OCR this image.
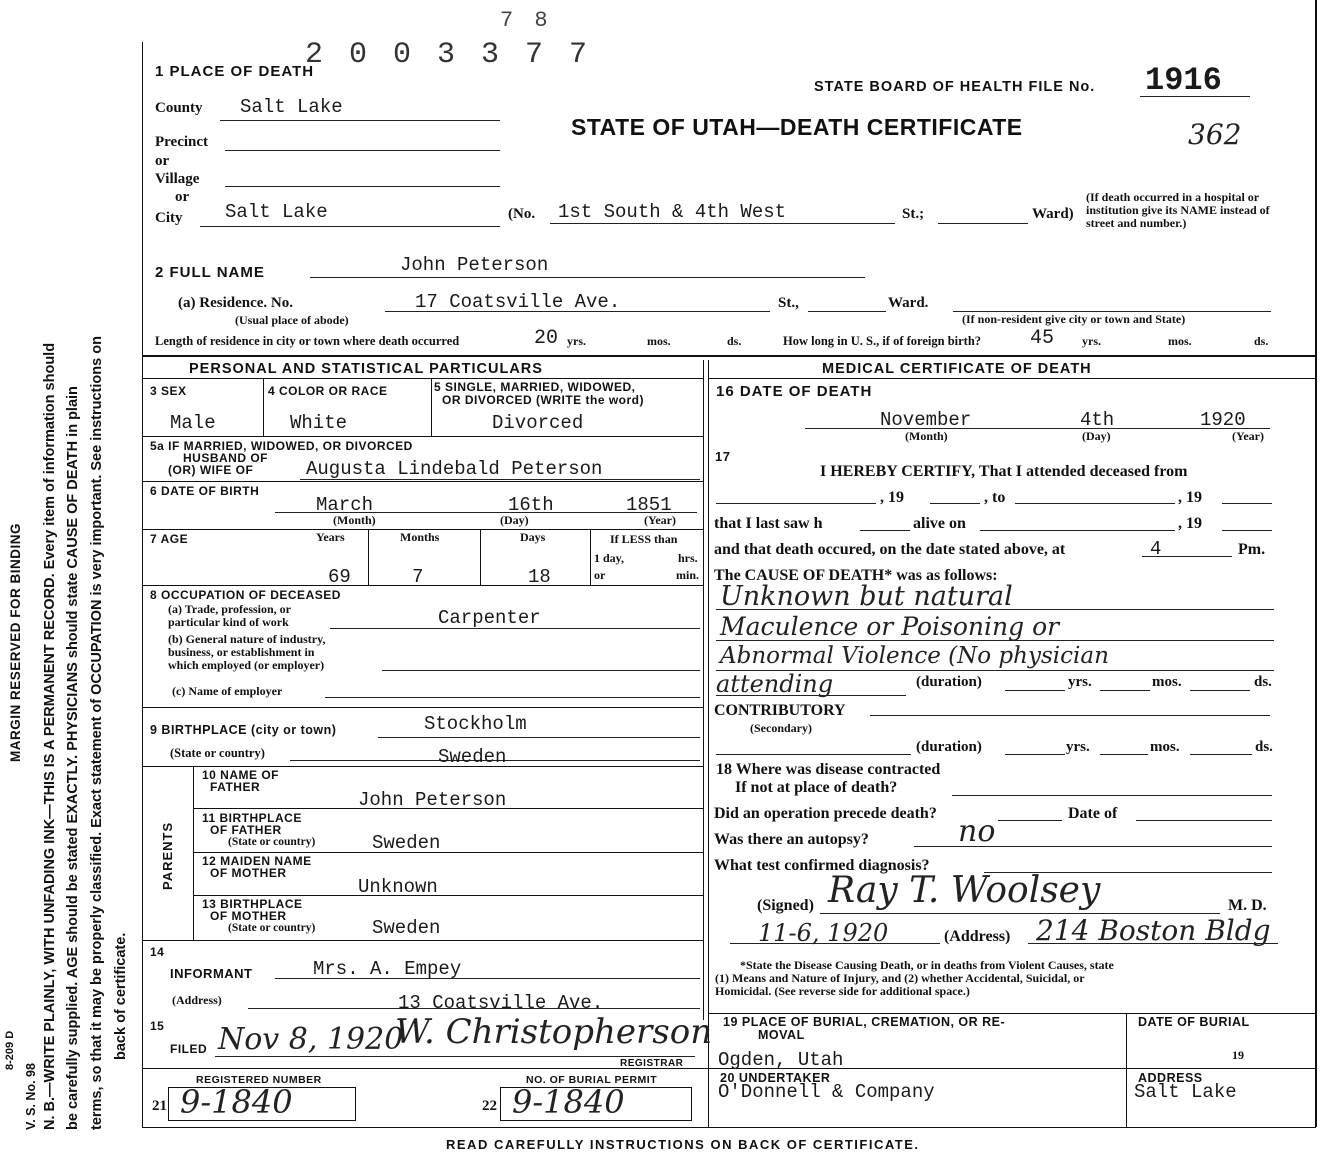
MARGIN RESERVED FOR BINDING N. B.—WRITE PLAINLY, WITH UNFADING INK—THIS IS A PERMANENT RECORD. Every item of information should be carefully supplied. AGE should be stated EXACTLY. PHYSICIANS should state CAUSE OF DEATH in plain terms, so that it may be properly classified. Exact statement of OCCUPATION is very important. See instructions on back of certificate.
V. S. No. 98
8-209 D
2 0 0 3 3 7 7
7 8
1 PLACE OF DEATH
County Salt Lake
Precinct
or
Village
or
City Salt Lake	(No. 1st South & 4th West	St.;	Ward)
(If death occurred in a hospital or institution give its NAME instead of street and number.)
STATE BOARD OF HEALTH FILE No. 1916
STATE OF UTAH—DEATH CERTIFICATE	362
2 FULL NAME	John Peterson
(a) Residence. No.	17 Coatsville Ave.	St.,	Ward.
(Usual place of abode)	(If non-resident give city or town and State)
Length of residence in city or town where death occurred	20 yrs.	mos.	ds.	How long in U. S., if of foreign birth? 45 yrs.	mos.	ds.
PERSONAL AND STATISTICAL PARTICULARS
3 SEX
Male
4 COLOR OR RACE
White
5 SINGLE, MARRIED, WIDOWED,
OR DIVORCED (WRITE the word)
Divorced
5a IF MARRIED, WIDOWED, OR DIVORCED
HUSBAND OF
(OR) WIFE OF	Augusta Lindebald Peterson
6 DATE OF BIRTH
March	16th	1851
(Month)	(Day)	(Year)
7 AGE	Years	Months	Days	If LESS than
1 day,	hrs.
or	min.
69	7	18
8 OCCUPATION OF DECEASED
(a) Trade, profession, or
particular kind of work	Carpenter
(b) General nature of industry,
business, or establishment in
which employed (or employer)
(c) Name of employer
9 BIRTHPLACE (city or town)	Stockholm
(State or country)	Sweden
PARENTS
10 NAME OF
FATHER
John Peterson
11 BIRTHPLACE
OF FATHER
(State or country)	Sweden
12 MAIDEN NAME
OF MOTHER
Unknown
13 BIRTHPLACE
OF MOTHER
(State or country)	Sweden
14
INFORMANT	Mrs. A. Empey
(Address)	13 Coatsville Ave.
15
FILED Nov 8, 1920
W. Christopherson
REGISTRAR
REGISTERED NUMBER
21 9-1840
NO. OF BURIAL PERMIT
22 9-1840
MEDICAL CERTIFICATE OF DEATH
16 DATE OF DEATH
November	4th	1920
(Month)	(Day)	(Year)
17
I HEREBY CERTIFY, That I attended deceased from
, 19	, to	, 19
that I last saw h	alive on	, 19
and that death occured, on the date stated above, at	4	Pm.
The CAUSE OF DEATH* was as follows:
Unknown but natural
Maculence or Poisoning or
Abnormal Violence (No physician
attending	(duration)	yrs.	mos.	ds.
CONTRIBUTORY
(Secondary)
(duration)	yrs.	mos.	ds.
18 Where was disease contracted
If not at place of death?
Did an operation precede death?	Date of
Was there an autopsy?	no
What test confirmed diagnosis?
(Signed) Ray T. Woolsey	M. D.
11-6, 1920	(Address) 214 Boston Bldg
*State the Disease Causing Death, or in deaths from Violent Causes, state
(1) Means and Nature of Injury, and (2) whether Accidental, Suicidal, or
Homicidal. (See reverse side for additional space.)
19 PLACE OF BURIAL, CREMATION, OR RE-
MOVAL
Ogden, Utah
DATE OF BURIAL
19
20 UNDERTAKER
O'Donnell & Company
ADDRESS
Salt Lake
READ CAREFULLY INSTRUCTIONS ON BACK OF CERTIFICATE.
